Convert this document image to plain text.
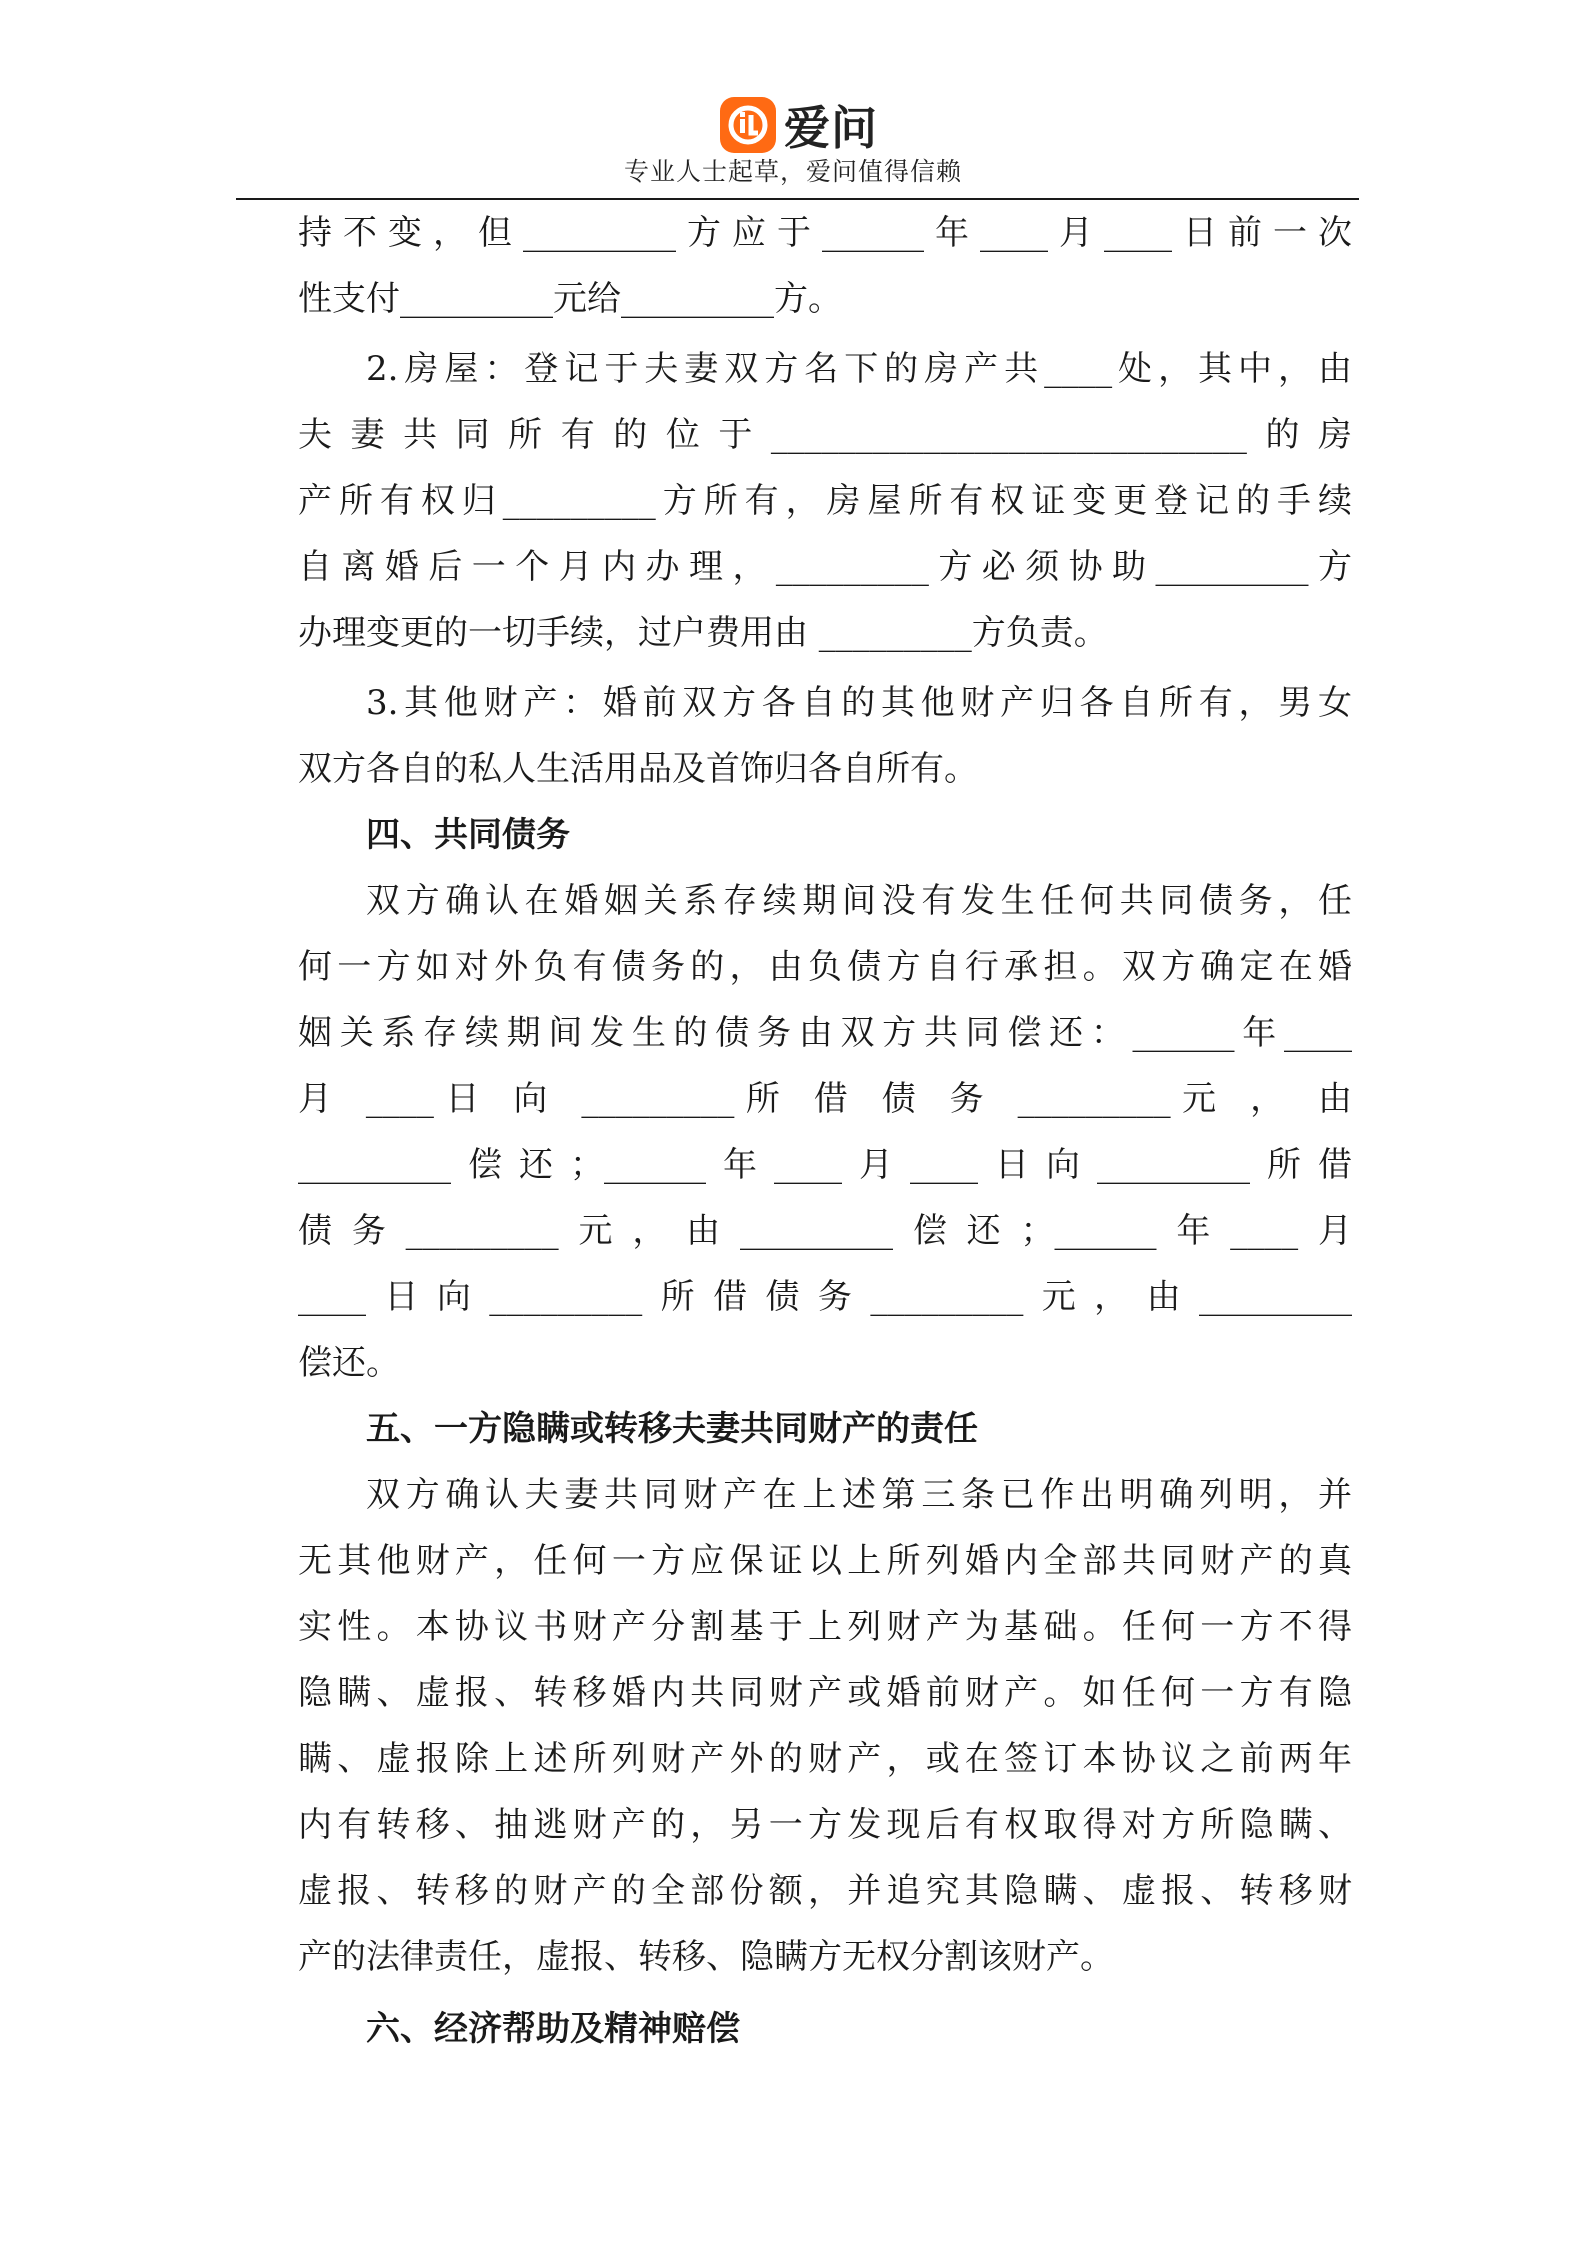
爱问
专业人士起草，爱问值得信赖
持不变，但_________方应于______年____月____日前一次
性支付_________元给_________方。
2.房屋：登记于夫妻双方名下的房产共____处，其中，由
夫妻共同所有的位于____________________________的房
产所有权归_________方所有，房屋所有权证变更登记的手续
自离婚后一个月内办理，_________方必须协助_________方
办理变更的一切手续，过户费用由 _________方负责。
3.其他财产：婚前双方各自的其他财产归各自所有，男女
双方各自的私人生活用品及首饰归各自所有。
四、共同债务
双方确认在婚姻关系存续期间没有发生任何共同债务，任
何一方如对外负有债务的，由负债方自行承担。双方确定在婚
姻关系存续期间发生的债务由双方共同偿还：______年____
月 ____日 向 _________所 借 债 务 _________元 ， 由
_________偿还；______年____月____日向_________所借
债务_________元，由_________偿还；______年____月
____日向_________所借债务_________元，由_________
偿还。
五、一方隐瞒或转移夫妻共同财产的责任
双方确认夫妻共同财产在上述第三条已作出明确列明，并
无其他财产，任何一方应保证以上所列婚内全部共同财产的真
实性。本协议书财产分割基于上列财产为基础。任何一方不得
隐瞒、虚报、转移婚内共同财产或婚前财产。如任何一方有隐
瞒、虚报除上述所列财产外的财产，或在签订本协议之前两年
内有转移、抽逃财产的，另一方发现后有权取得对方所隐瞒、
虚报、转移的财产的全部份额，并追究其隐瞒、虚报、转移财
产的法律责任，虚报、转移、隐瞒方无权分割该财产。
六、经济帮助及精神赔偿
